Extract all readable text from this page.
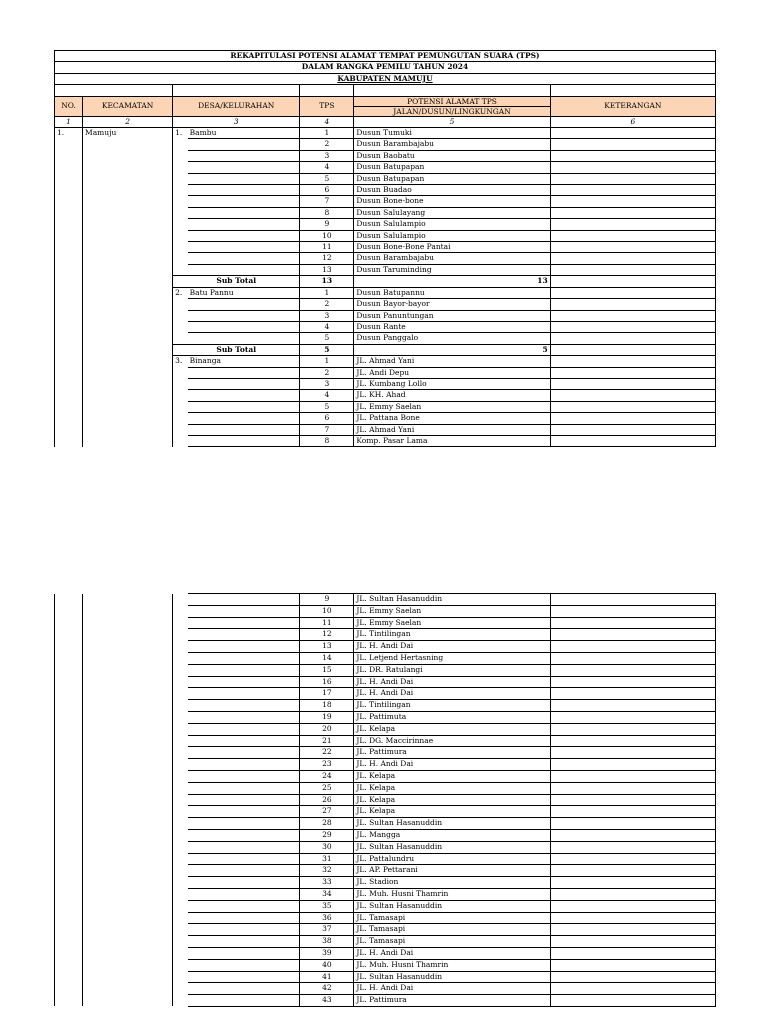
REKAPITULASI POTENSI ALAMAT TEMPAT PEMUNGUTAN SUARA (TPS)						
DALAM RANGKA PEMILU TAHUN 2024						
KABUPATEN MAMUJU						

NO.	KECAMATAN	DESA/KELURAHAN		TPS	POTENSI ALAMAT TPS	KETERANGAN
					JALAN/DUSUN/LINGKUNGAN	
1	2	3		4	5	6
1.	Mamuju	1.	Bambu	1	Dusun Tumuki	
				2	Dusun Barambajabu	
				3	Dusun Baobatu	
				4	Dusun Batupapan	
				5	Dusun Batupapan	
				6	Dusun Buadao	
				7	Dusun Bone-bone	
				8	Dusun Salulayang	
				9	Dusun Salulampio	
				10	Dusun Salulampio	
				11	Dusun Bone-Bone Pantai	
				12	Dusun Barambajabu	
				13	Dusun Taruminding	
		Sub Total		13	13	
		2.	Batu Pannu	1	Dusun Batupannu	
				2	Dusun Bayor-bayor	
				3	Dusun Panuntungan	
				4	Dusun Rante	
				5	Dusun Panggalo	
		Sub Total		5	5	
		3.	Binanga	1	JL. Ahmad Yani	
				2	JL. Andi Depu	
				3	JL. Kumbang Lollo	
				4	JL. KH. Ahad	
				5	JL. Emmy Saelan	
				6	JL. Pattana Bone	
				7	JL. Ahmad Yani	
				8	Komp. Pasar Lama	
				9	JL. Sultan Hasanuddin	
				10	JL. Emmy Saelan	
				11	JL. Emmy Saelan	
				12	JL. Tintilingan	
				13	JL. H. Andi Dai	
				14	JL. Letjend Hertasning	
				15	JL. DR. Ratulangi	
				16	JL. H. Andi Dai	
				17	JL. H. Andi Dai	
				18	JL. Tintilingan	
				19	JL. Pattimuta	
				20	JL. Kelapa	
				21	JL. DG. Maccirinnae	
				22	JL. Pattimura	
				23	JL. H. Andi Dai	
				24	JL. Kelapa	
				25	JL. Kelapa	
				26	JL. Kelapa	
				27	JL. Kelapa	
				28	JL. Sultan Hasanuddin	
				29	JL. Mangga	
				30	JL. Sultan Hasanuddin	
				31	JL. Pattalundru	
				32	JL. AP. Pettarani	
				33	JL. Stadion	
				34	JL. Muh. Husni Thamrin	
				35	JL. Sultan Hasanuddin	
				36	JL. Tamasapi	
				37	JL. Tamasapi	
				38	JL. Tamasapi	
				39	JL. H. Andi Dai	
				40	JL. Muh. Husni Thamrin	
				41	JL. Sultan Hasanuddin	
				42	JL. H. Andi Dai	
				43	JL. Pattimura	
